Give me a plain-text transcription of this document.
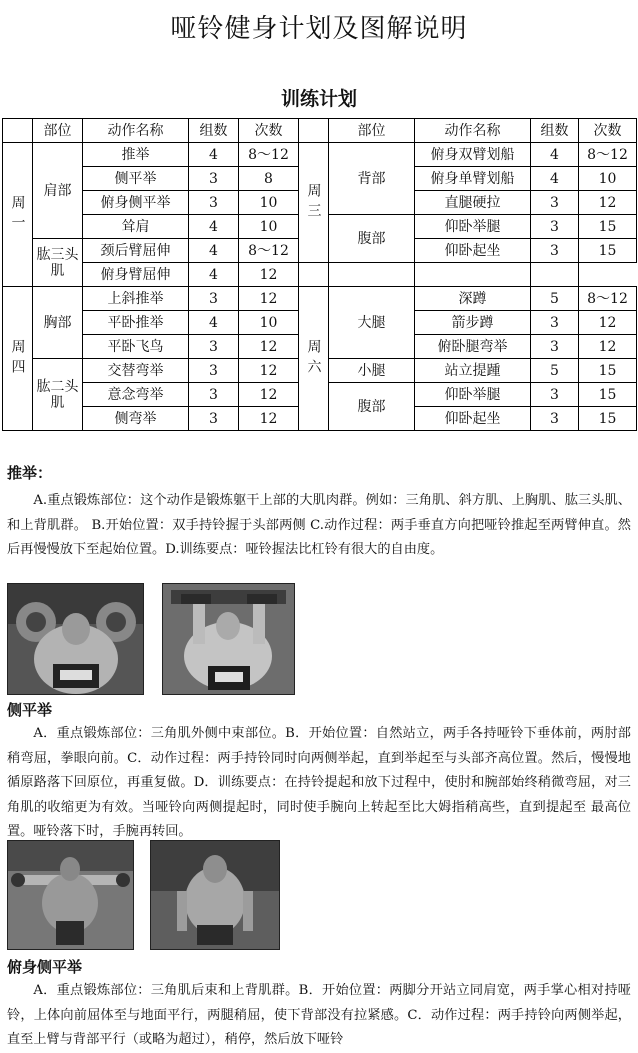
哑铃健身计划及图解说明
训练计划
	部位	动作名称	组数	次数		部位	动作名称	组数	次数
周一	肩部	推举	4	8～12	周三	背部	俯身双臂划船	4	8～12
		侧平举	3	8			俯身单臂划船	4	10
		俯身侧平举	3	10			直腿硬拉	3	12
		耸肩	4	10		腹部	仰卧举腿	3	15
	肱三头肌	颈后臂屈伸	4	8～12			仰卧起坐	3	15
		俯身臂屈伸	4	12					
周四	胸部	上斜推举	3	12	周六	大腿	深蹲	5	8～12
		平卧推举	4	10			箭步蹲	3	12
		平卧飞鸟	3	12			俯卧腿弯举	3	12
	肱二头肌	交替弯举	3	12		小腿	站立提踵	5	15
		意念弯举	3	12		腹部	仰卧举腿	3	15
		侧弯举	3	12			仰卧起坐	3	15
推举：

A.重点锻炼部位：这个动作是锻炼躯干上部的大肌肉群。例如：三角肌、斜方肌、上胸肌、肱三头肌、和上背肌群。 B.开始位置：双手持铃握于头部两侧 C.动作过程：两手垂直方向把哑铃推起至两臂伸直。然后再慢慢放下至起始位置。D.训练要点：哑铃握法比杠铃有很大的自由度。

侧平举

A．重点锻炼部位：三角肌外侧中束部位。B．开始位置：自然站立，两手各持哑铃下垂体前，两肘部稍弯屈，拳眼向前。C．动作过程：两手持铃同时向两侧举起，直到举起至与头部齐高位置。然后，慢慢地循原路落下回原位，再重复做。D．训练要点：在持铃提起和放下过程中，使肘和腕部始终稍微弯屈，对三角肌的收缩更为有效。当哑铃向两侧提起时，同时使手腕向上转起至比大姆指稍高些，直到提起至 最高位置。哑铃落下时，手腕再转回。

俯身侧平举

A．重点锻炼部位：三角肌后束和上背肌群。B．开始位置：两脚分开站立同肩宽，两手掌心相对持哑铃，上体向前屈体至与地面平行，两腿稍屈，使下背部没有拉紧感。C．动作过程：两手持铃向两侧举起，直至上臂与背部平行（或略为超过），稍停，然后放下哑铃
